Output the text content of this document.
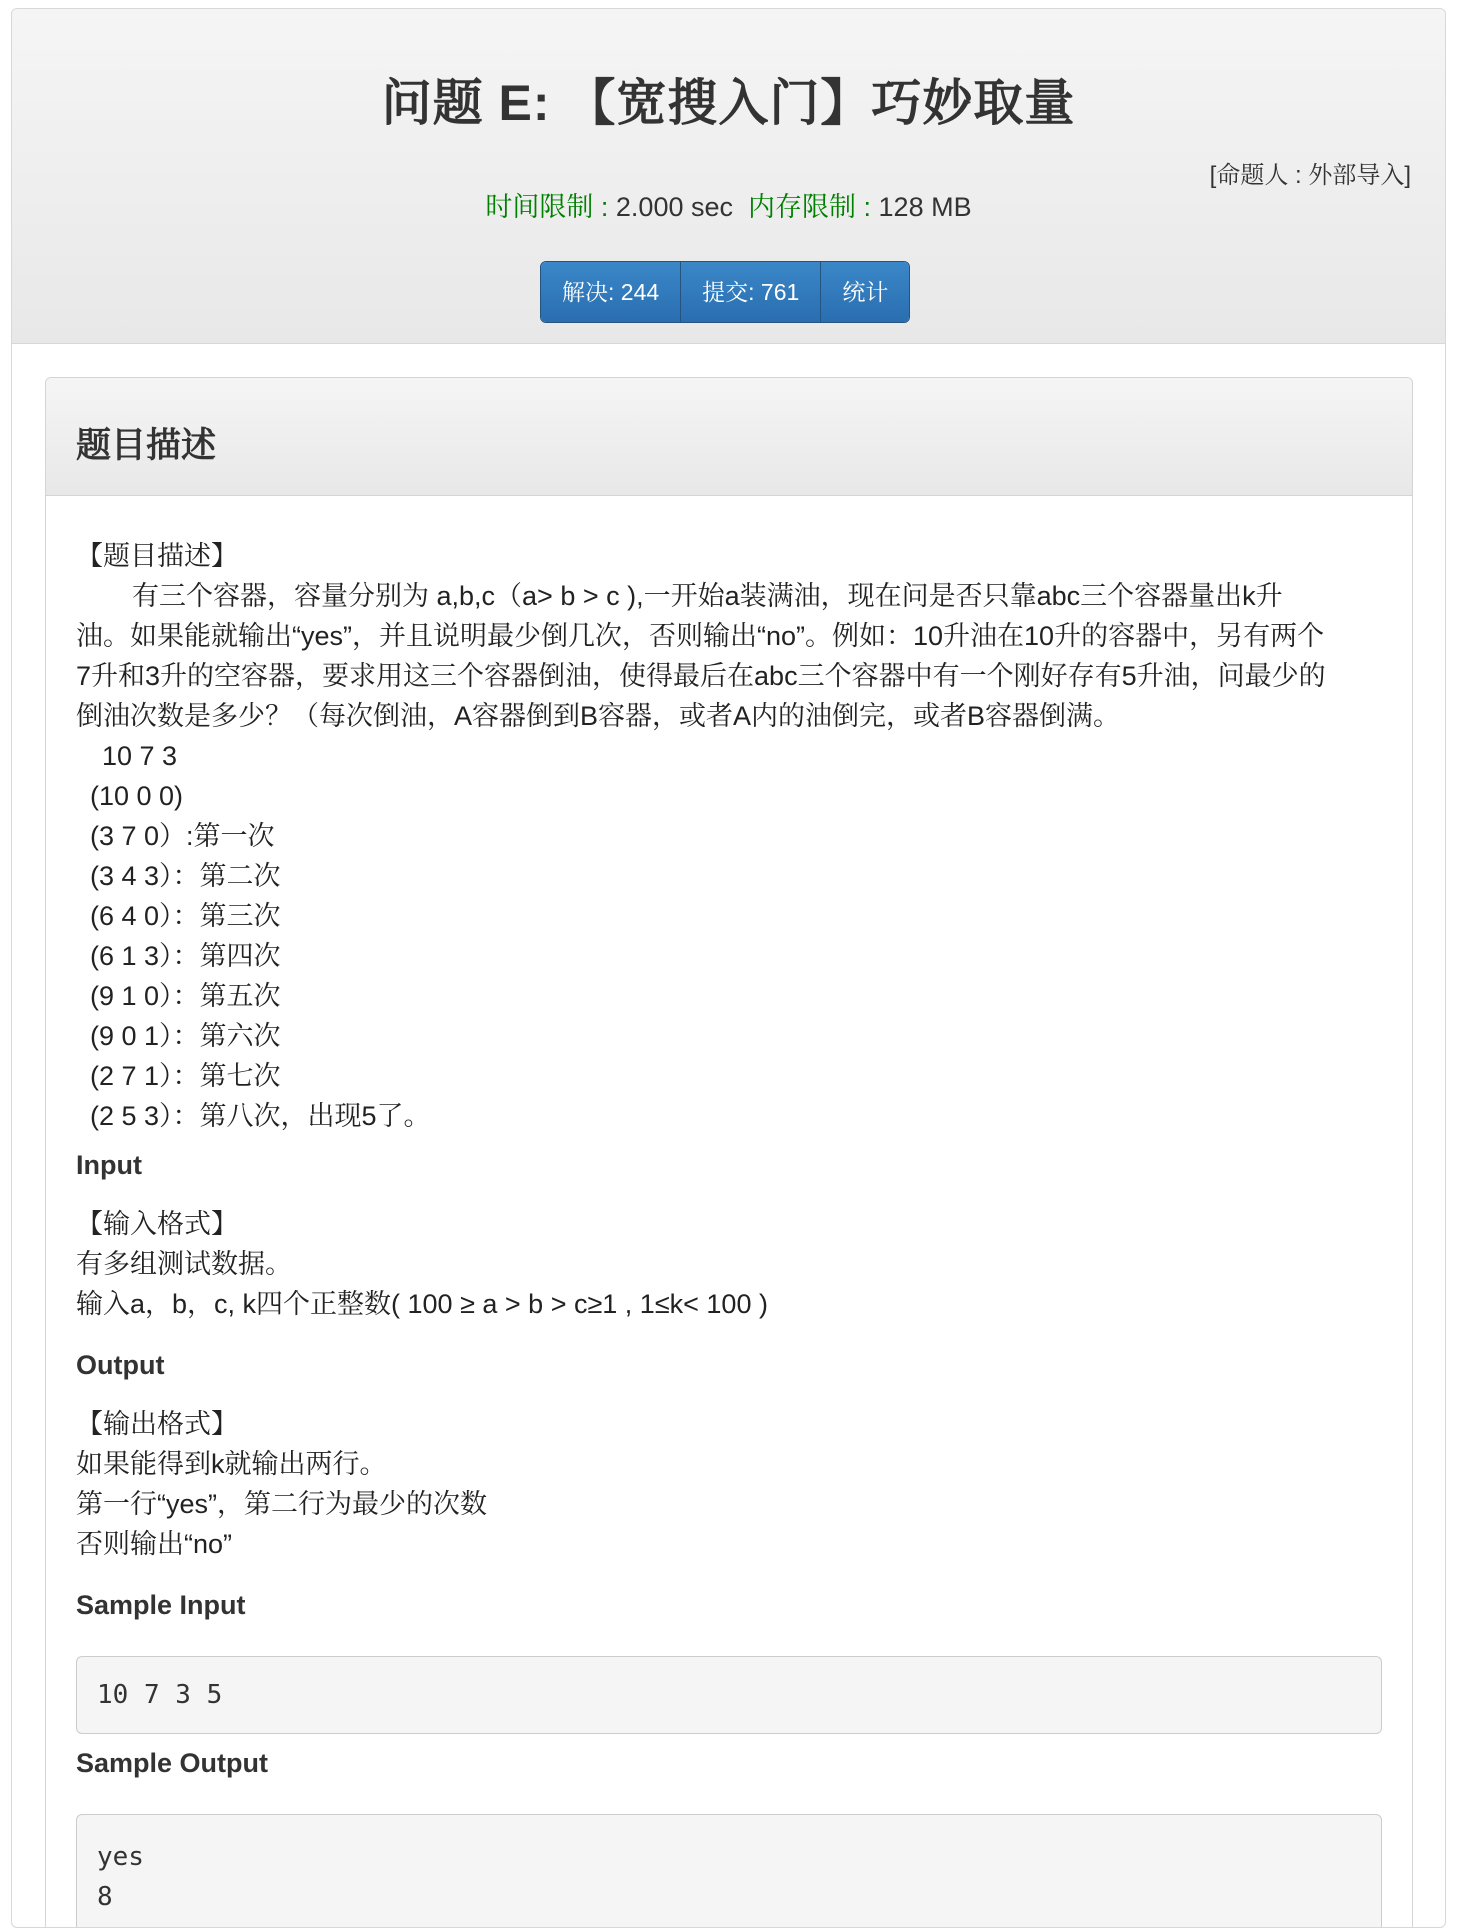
问题 E: 【宽搜入门】巧妙取量
[命题人 : 外部导入]
时间限制 : 2.000 sec 内存限制 : 128 MB
解决: 244	提交: 761	统计
题目描述
【题目描述】
有三个容器，容量分别为 a,b,c（a> b > c ),一开始a装满油，现在问是否只靠abc三个容器量出k升
油。如果能就输出“yes”，并且说明最少倒几次，否则输出“no”。例如：10升油在10升的容器中，另有两个
7升和3升的空容器，要求用这三个容器倒油，使得最后在abc三个容器中有一个刚好存有5升油，问最少的
倒油次数是多少？（每次倒油，A容器倒到B容器，或者A内的油倒完，或者B容器倒满。
10 7 3
(10 0 0)
(3 7 0）:第一次
(3 4 3）：第二次
(6 4 0）：第三次
(6 1 3）：第四次
(9 1 0）：第五次
(9 0 1）：第六次
(2 7 1）：第七次
(2 5 3）：第八次，出现5了。
Input
【输入格式】
有多组测试数据。
输入a，b，c, k四个正整数( 100 ≥ a > b > c≥1 , 1≤k< 100 )
Output
【输出格式】
如果能得到k就输出两行。
第一行“yes”，第二行为最少的次数
否则输出“no”
Sample Input
10 7 3 5
Sample Output
yes
8
